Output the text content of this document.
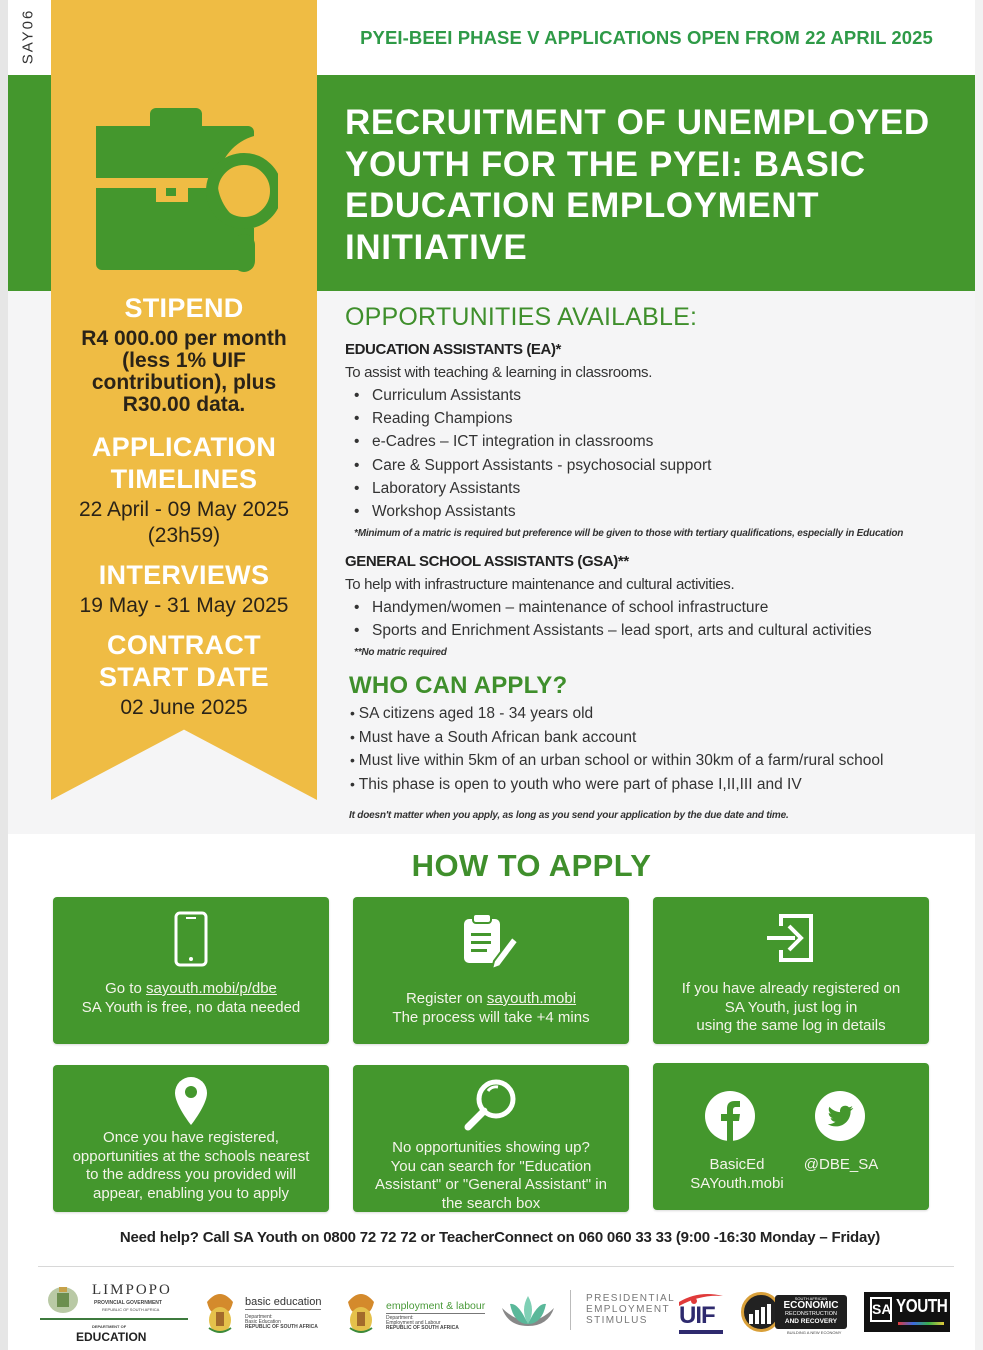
SAY06	PYEI-BEEI PHASE V APPLICATIONS OPEN FROM 22 APRIL 2025
RECRUITMENT OF UNEMPLOYED
YOUTH FOR THE PYEI: BASIC
EDUCATION EMPLOYMENT
INITIATIVE
STIPEND
R4 000.00 per month
(less 1% UIF
contribution), plus
R30.00 data.
APPLICATION
TIMELINES
22 April - 09 May 2025
(23h59)
INTERVIEWS
19 May - 31 May 2025
CONTRACT
START DATE
02 June 2025
OPPORTUNITIES AVAILABLE:
EDUCATION ASSISTANTS (EA)*
To assist with teaching & learning in classrooms.
• Curriculum Assistants
• Reading Champions
• e-Cadres – ICT integration in classrooms
• Care & Support Assistants - psychosocial support
• Laboratory Assistants
• Workshop Assistants
*Minimum of a matric is required but preference will be given to those with tertiary qualifications, especially in Education
GENERAL SCHOOL ASSISTANTS (GSA)**
To help with infrastructure maintenance and cultural activities.
• Handymen/women – maintenance of school infrastructure
• Sports and Enrichment Assistants – lead sport, arts and cultural activities
**No matric required
WHO CAN APPLY?
• SA citizens aged 18 - 34 years old
• Must have a South African bank account
• Must live within 5km of an urban school or within 30km of a farm/rural school
• This phase is open to youth who were part of phase I,II,III and IV
It doesn't matter when you apply, as long as you send your application by the due date and time.
HOW TO APPLY
Go to sayouth.mobi/p/dbe
SA Youth is free, no data needed	Register on sayouth.mobi
The process will take +4 mins
If you have already registered on
SA Youth, just log in
using the same log in details
Once you have registered,
opportunities at the schools nearest
to the address you provided will
appear, enabling you to apply
No opportunities showing up?
You can search for "Education
Assistant" or "General Assistant" in
the search box
BasicEd
SAYouth.mobi
@DBE_SA
Need help? Call SA Youth on 0800 72 72 72 or TeacherConnect on 060 060 33 33 (9:00 -16:30 Monday – Friday)
LIMPOPO
PROVINCIAL GOVERNMENT
REPUBLIC OF SOUTH AFRICA
DEPARTMENT OF
EDUCATION
basic education
Department:
Basic Education
REPUBLIC OF SOUTH AFRICA
employment & labour
Department:
Employment and Labour
REPUBLIC OF SOUTH AFRICA
PRESIDENTIAL
EMPLOYMENT
STIMULUS	UIF
SOUTH AFRICAN
ECONOMIC
RECONSTRUCTION
AND RECOVERY
BUILDING A NEW ECONOMY
SA YOUTH
